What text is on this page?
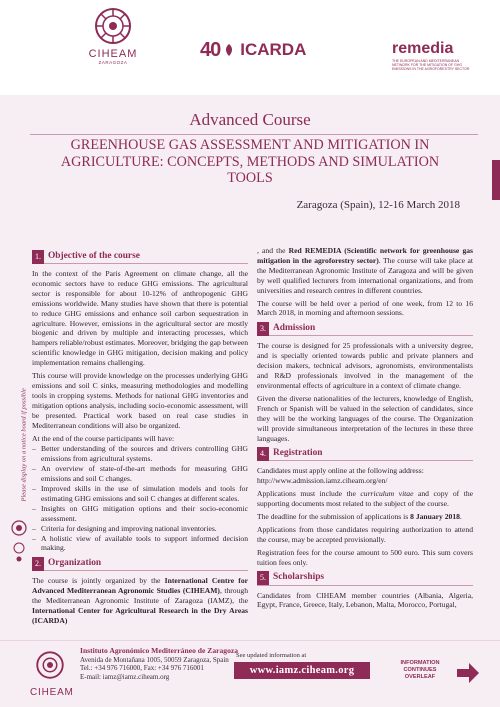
CIHEAM
ZARAGOZA
40 ICARDA	remedia
THE EUROPEAN AND MEDITERRANEAN NETWORK FOR THE MITIGATION OF GHG EMISSIONS IN THE AGROFORESTRY SECTOR
Advanced Course
GREENHOUSE GAS ASSESSMENT AND MITIGATION IN AGRICULTURE: CONCEPTS, METHODS AND SIMULATION TOOLS
Zaragoza (Spain), 12-16 March 2018
Please display on a notice board if possible
1. Objective of the course

In the context of the Paris Agreement on climate change, all the economic sectors have to reduce GHG emissions. The agricultural sector is responsible for about 10-12% of anthropogenic GHG emissions worldwide. Many studies have shown that there is potential to reduce GHG emissions and enhance soil carbon sequestration in agriculture. However, emissions in the agricultural sector are mostly biogenic and driven by multiple and interacting processes, which hampers reliable/robust estimates. Moreover, bridging the gap between scientific knowledge in GHG mitigation, decision making and policy implementation remains challenging.

This course will provide knowledge on the processes underlying GHG emissions and soil C sinks, measuring methodologies and modelling tools in cropping systems. Methods for national GHG inventories and mitigation options analysis, including socio-economic assessment, will be presented. Practical work based on real case studies in Mediterranean conditions will also be organized.

At the end of the course participants will have:

– Better understanding of the sources and drivers controlling GHG emissions from agricultural systems.
– An overview of state-of-the-art methods for measuring GHG emissions and soil C changes.
– Improved skills in the use of simulation models and tools for estimating GHG emissions and soil C changes at different scales.
– Insights on GHG mitigation options and their socio-economic assessment.
– Criteria for designing and improving national inventories.
– A holistic view of available tools to support informed decision making.
2. Organization

The course is jointly organized by the International Centre for Advanced Mediterranean Agronomic Studies (CIHEAM), through the Mediterranean Agronomic Institute of Zaragoza (IAMZ), the International Center for Agricultural Research in the Dry Areas (ICARDA)

, and the Red REMEDIA (Scientific network for greenhouse gas mitigation in the agroforestry sector). The course will take place at the Mediterranean Agronomic Institute of Zaragoza and will be given by well qualified lecturers from international organizations, and from universities and research centres in different countries.

The course will be held over a period of one week, from 12 to 16 March 2018, in morning and afternoon sessions.

3. Admission

The course is designed for 25 professionals with a university degree, and is specially oriented towards public and private planners and decision makers, technical advisors, agronomists, environmentalists and R&D professionals involved in the management of the environmental effects of agriculture in a context of climate change.

Given the diverse nationalities of the lecturers, knowledge of English, French or Spanish will be valued in the selection of candidates, since they will be the working languages of the course. The Organization will provide simultaneous interpretation of the lectures in these three languages.

4. Registration

Candidates must apply online at the following address:

http://www.admission.iamz.ciheam.org/en/

Applications must include the curriculum vitae and copy of the supporting documents most related to the subject of the course.

The deadline for the submission of applications is 8 January 2018.

Applications from those candidates requiring authorization to attend the course, may be accepted provisionally.

Registration fees for the course amount to 500 euro. This sum covers tuition fees only.

5. Scholarships

Candidates from CIHEAM member countries (Albania, Algeria, Egypt, France, Greece, Italy, Lebanon, Malta, Morocco, Portugal,

CIHEAM
Instituto Agronómico Mediterráneo de Zaragoza
Avenida de Montañana 1005, 50059 Zaragoza, Spain
Tel.: +34 976 716000, Fax: +34 976 716001
E-mail: iamz@iamz.ciheam.org
See updated information at
www.iamz.ciheam.org
INFORMATION
CONTINUES
OVERLEAF
